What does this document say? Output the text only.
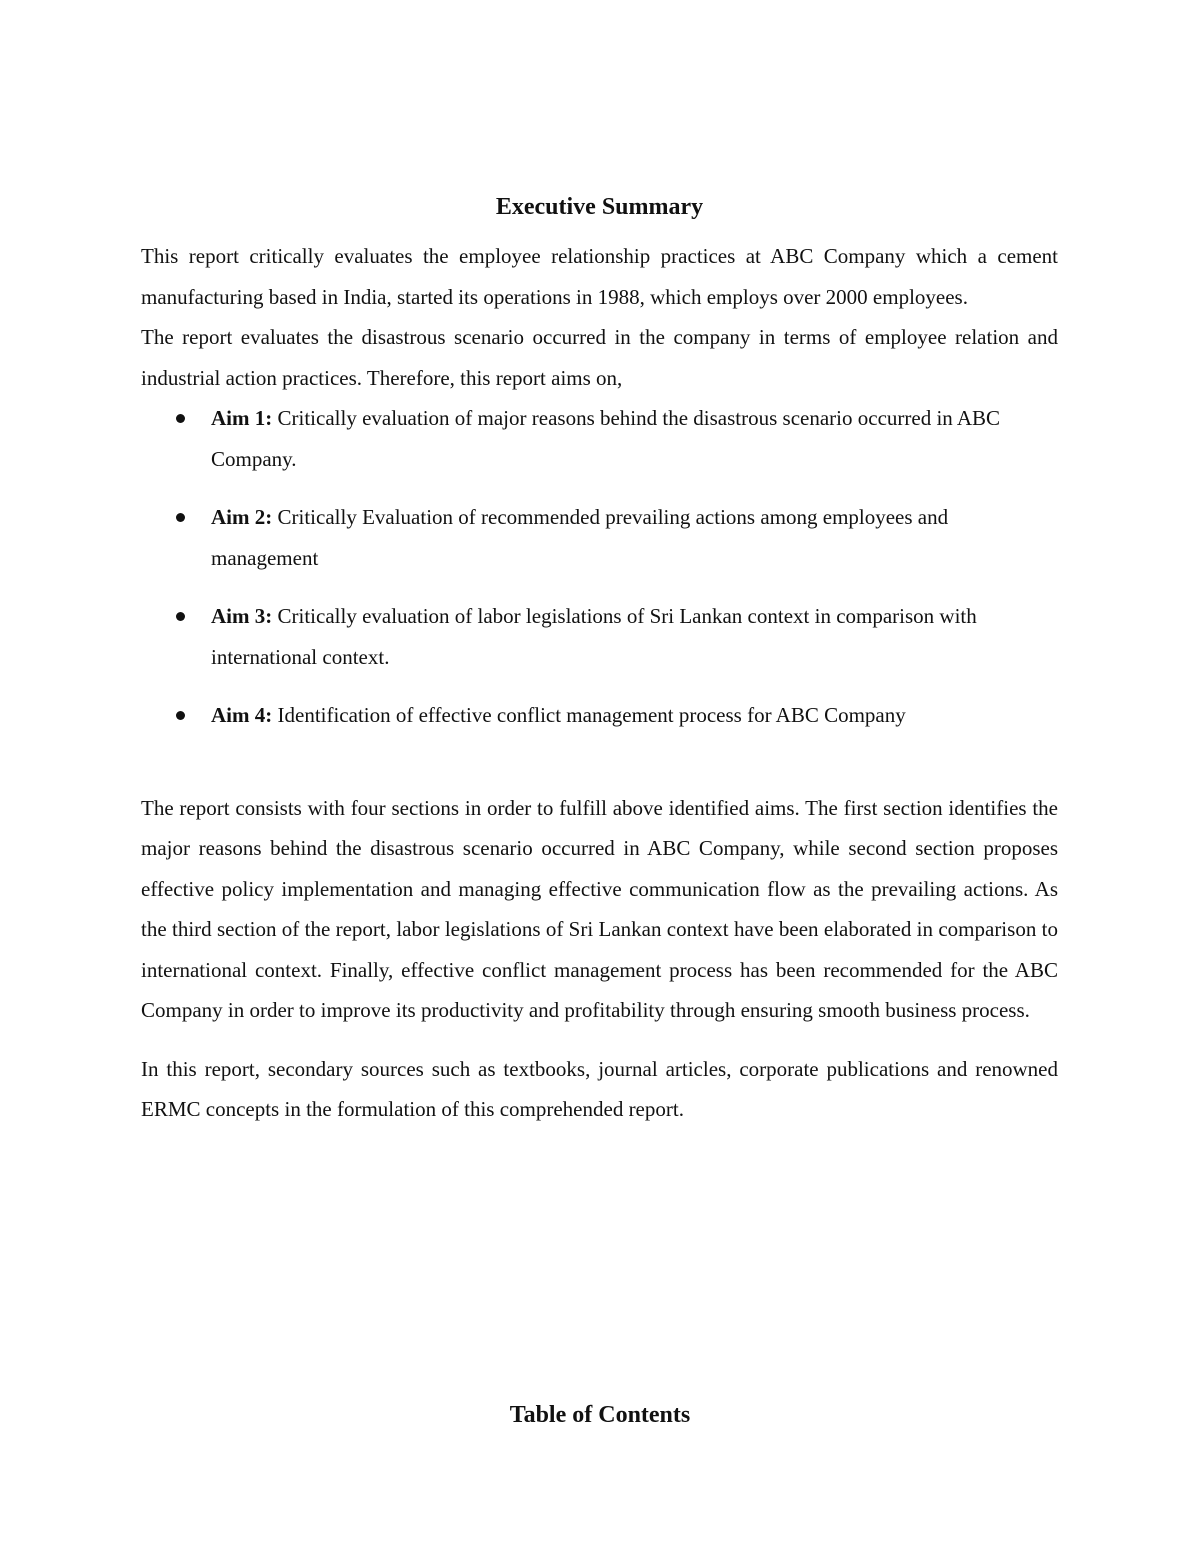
Executive Summary

This report critically evaluates the employee relationship practices at ABC Company which a cement manufacturing based in India, started its operations in 1988, which employs over 2000 employees.

The report evaluates the disastrous scenario occurred in the company in terms of employee relation and industrial action practices. Therefore, this report aims on,

Aim 1: Critically evaluation of major reasons behind the disastrous scenario occurred in ABC Company.
Aim 2: Critically Evaluation of recommended prevailing actions among employees and management
Aim 3: Critically evaluation of labor legislations of Sri Lankan context in comparison with international context.
Aim 4: Identification of effective conflict management process for ABC Company

The report consists with four sections in order to fulfill above identified aims. The first section identifies the major reasons behind the disastrous scenario occurred in ABC Company, while second section proposes effective policy implementation and managing effective communication flow as the prevailing actions. As the third section of the report, labor legislations of Sri Lankan context have been elaborated in comparison to international context. Finally, effective conflict management process has been recommended for the ABC Company in order to improve its productivity and profitability through ensuring smooth business process.

In this report, secondary sources such as textbooks, journal articles, corporate publications and renowned ERMC concepts in the formulation of this comprehended report.

Table of Contents
